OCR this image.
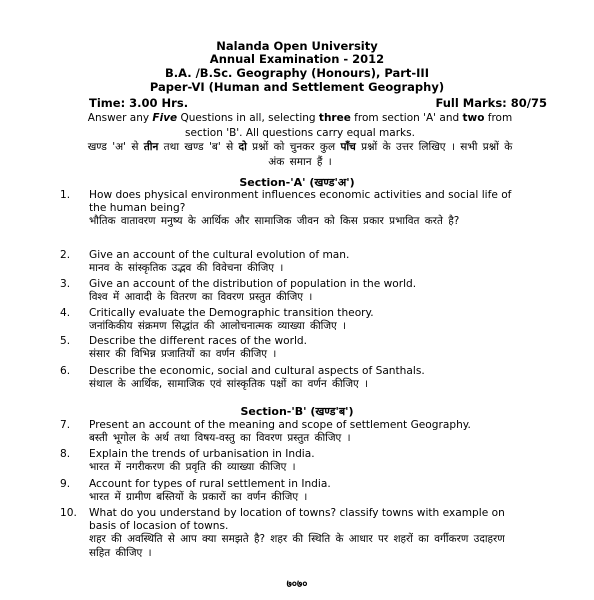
Nalanda Open University
Annual Examination - 2012
B.A. /B.Sc. Geography (Honours), Part-III
Paper-VI (Human and Settlement Geography)
Time: 3.00 Hrs.	Full Marks: 80/75
Answer any Five Questions in all, selecting three from section 'A' and two from section 'B'. All questions carry equal marks.
खण्ड 'अ' से तीन तथा खण्ड 'ब' से दो प्रश्नों को चुनकर कुल पाँच प्रश्नों के उत्तर लिखिए । सभी प्रश्नों के अंक समान हैं ।
Section-'A' (खण्ड'अ')
1. How does physical environment influences economic activities and social life of the human being?
भौतिक वातावरण मनुष्य के आर्थिक और सामाजिक जीवन को किस प्रकार प्रभावित करते है?
2. Give an account of the cultural evolution of man.
मानव के सांस्कृतिक उद्भव की विवेचना कीजिए ।
3. Give an account of the distribution of population in the world.
विश्व में आवादी के वितरण का विवरण प्रस्तुत कीजिए ।
4. Critically evaluate the Demographic transition theory.
जनांकिकीय संक्रमण सिद्धांत की आलोचनात्मक व्याख्या कीजिए ।
5. Describe the different races of the world.
संसार की विभिन्न प्रजातियों का वर्णन कीजिए ।
6. Describe the economic, social and cultural aspects of Santhals.
संथाल के आर्थिक, सामाजिक एवं सांस्कृतिक पक्षों का वर्णन कीजिए ।
Section-'B' (खण्ड'ब')
7. Present an account of the meaning and scope of settlement Geography.
बस्ती भूगोल के अर्थ तथा विषय-वस्तु का विवरण प्रस्तुत कीजिए ।
8. Explain the trends of urbanisation in India.
भारत में नगरीकरण की प्रवृति की व्याख्या कीजिए ।
9. Account for types of rural settlement in India.
भारत में ग्रामीण बस्तियों के प्रकारों का वर्णन कीजिए ।
10. What do you understand by location of towns? classify towns with example on basis of locasion of towns.
शहर की अवस्थिति से आप क्या समझते है? शहर की स्थिति के आधार पर शहरों का वर्गीकरण उदाहरण सहित कीजिए ।
७०७०
